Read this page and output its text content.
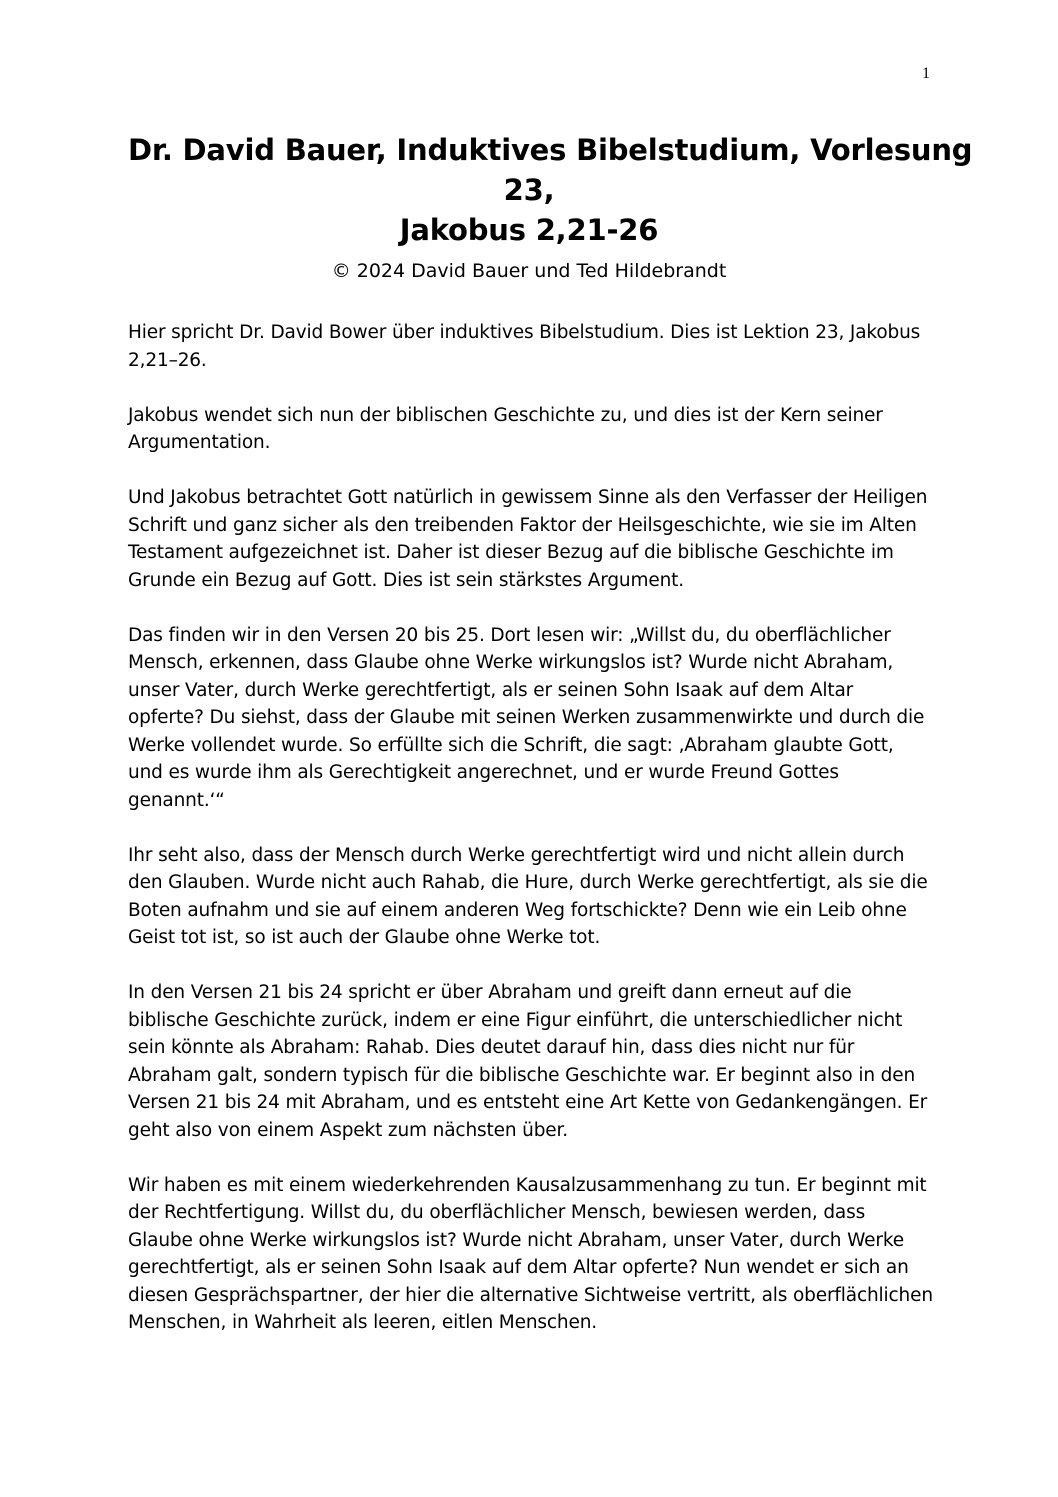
1
Dr. David Bauer, Induktives Bibelstudium, Vorlesung
23,
Jakobus 2,21-26
© 2024 David Bauer und Ted Hildebrandt

Hier spricht Dr. David Bower über induktives Bibelstudium. Dies ist Lektion 23, Jakobus 2,21–26.

Jakobus wendet sich nun der biblischen Geschichte zu, und dies ist der Kern seiner Argumentation.

Und Jakobus betrachtet Gott natürlich in gewissem Sinne als den Verfasser der Heiligen Schrift und ganz sicher als den treibenden Faktor der Heilsgeschichte, wie sie im Alten Testament aufgezeichnet ist. Daher ist dieser Bezug auf die biblische Geschichte im Grunde ein Bezug auf Gott. Dies ist sein stärkstes Argument.

Das finden wir in den Versen 20 bis 25. Dort lesen wir: „Willst du, du oberflächlicher Mensch, erkennen, dass Glaube ohne Werke wirkungslos ist? Wurde nicht Abraham, unser Vater, durch Werke gerechtfertigt, als er seinen Sohn Isaak auf dem Altar opferte? Du siehst, dass der Glaube mit seinen Werken zusammenwirkte und durch die Werke vollendet wurde. So erfüllte sich die Schrift, die sagt: ‚Abraham glaubte Gott, und es wurde ihm als Gerechtigkeit angerechnet, und er wurde Freund Gottes genannt.‘“

Ihr seht also, dass der Mensch durch Werke gerechtfertigt wird und nicht allein durch den Glauben. Wurde nicht auch Rahab, die Hure, durch Werke gerechtfertigt, als sie die Boten aufnahm und sie auf einem anderen Weg fortschickte? Denn wie ein Leib ohne Geist tot ist, so ist auch der Glaube ohne Werke tot.

In den Versen 21 bis 24 spricht er über Abraham und greift dann erneut auf die biblische Geschichte zurück, indem er eine Figur einführt, die unterschiedlicher nicht sein könnte als Abraham: Rahab. Dies deutet darauf hin, dass dies nicht nur für Abraham galt, sondern typisch für die biblische Geschichte war. Er beginnt also in den Versen 21 bis 24 mit Abraham, und es entsteht eine Art Kette von Gedankengängen. Er geht also von einem Aspekt zum nächsten über.

Wir haben es mit einem wiederkehrenden Kausalzusammenhang zu tun. Er beginnt mit der Rechtfertigung. Willst du, du oberflächlicher Mensch, bewiesen werden, dass Glaube ohne Werke wirkungslos ist? Wurde nicht Abraham, unser Vater, durch Werke gerechtfertigt, als er seinen Sohn Isaak auf dem Altar opferte? Nun wendet er sich an diesen Gesprächspartner, der hier die alternative Sichtweise vertritt, als oberflächlichen Menschen, in Wahrheit als leeren, eitlen Menschen.
